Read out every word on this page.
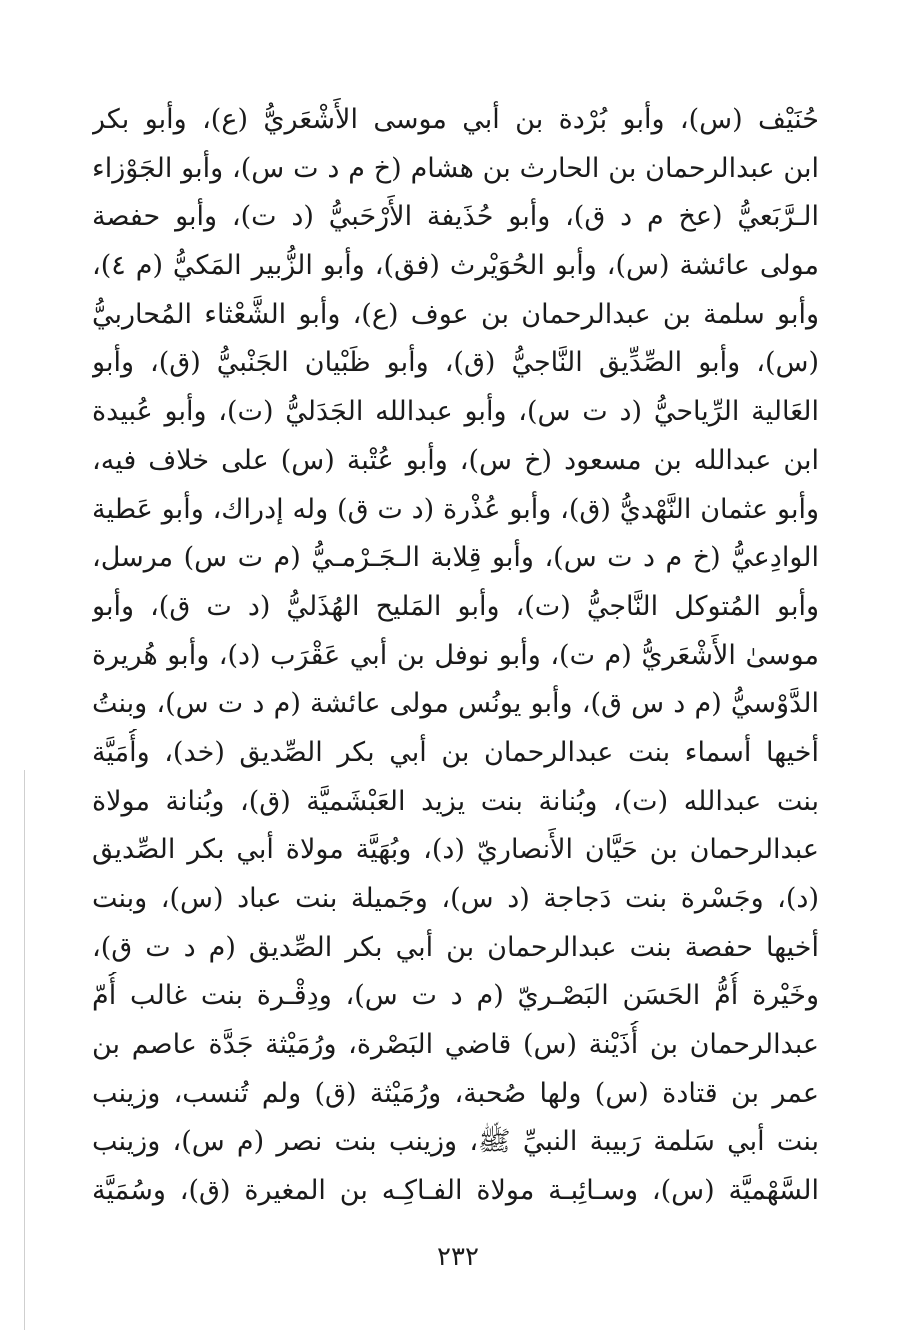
حُنَيْف (س)، وأبو بُرْدة بن أبي موسى الأَشْعَريُّ (ع)، وأبو بكر
ابن عبدالرحمان بن الحارث بن هشام (خ م د ت س)، وأبو الجَوْزاء
الـرَّبَعيُّ (عخ م د ق)، وأبو حُذَيفة الأَرْحَبيُّ (د ت)، وأبو حفصة
مولى عائشة (س)، وأبو الحُوَيْرث (فق)، وأبو الزُّبير المَكيُّ (م ٤)،
وأبو سلمة بن عبدالرحمان بن عوف (ع)، وأبو الشَّعْثاء المُحاربيُّ
(س)، وأبو الصِّدِّيق النَّاجيُّ (ق)، وأبو ظَبْيان الجَنْبيُّ (ق)، وأبو
العَالية الرِّياحيُّ (د ت س)، وأبو عبدالله الجَدَليُّ (ت)، وأبو عُبيدة
ابن عبدالله بن مسعود (خ س)، وأبو عُتْبة (س) على خلاف فيه،
وأبو عثمان النَّهْديُّ (ق)، وأبو عُذْرة (د ت ق) وله إدراك، وأبو عَطية
الوادِعيُّ (خ م د ت س)، وأبو قِلابة الـجَـرْمـيُّ (م ت س) مرسل،
وأبو المُتوكل النَّاجيُّ (ت)، وأبو المَليح الهُذَليُّ (د ت ق)، وأبو
موسىٰ الأَشْعَريُّ (م ت)، وأبو نوفل بن أبي عَقْرَب (د)، وأبو هُريرة
الدَّوْسيُّ (م د س ق)، وأبو يونُس مولى عائشة (م د ت س)، وبنتُ
أخيها أسماء بنت عبدالرحمان بن أبي بكر الصِّديق (خد)، وأُمَيَّة
بنت عبدالله (ت)، وبُنانة بنت يزيد العَبْشَميَّة (ق)، وبُنانة مولاة
عبدالرحمان بن حَيَّان الأَنصاريّ (د)، وبُهَيَّة مولاة أبي بكر الصِّديق
(د)، وجَسْرة بنت دَجاجة (د س)، وجَميلة بنت عباد (س)، وبنت
أخيها حفصة بنت عبدالرحمان بن أبي بكر الصِّديق (م د ت ق)،
وخَيْرة أُمُّ الحَسَن البَصْـريّ (م د ت س)، ودِقْـرة بنت غالب أُمّ
عبدالرحمان بن أُذَيْنة (س) قاضي البَصْرة، ورُمَيْثة جَدَّة عاصم بن
عمر بن قتادة (س) ولها صُحبة، ورُمَيْثة (ق) ولم تُنسب، وزينب
بنت أبي سَلمة رَبيبة النبيِّ ﷺ، وزينب بنت نصر (م س)، وزينب
السَّهْميَّة (س)، وسـائِبـة مولاة الفـاكِـه بن المغيرة (ق)، وسُمَيَّة
٢٣٢
